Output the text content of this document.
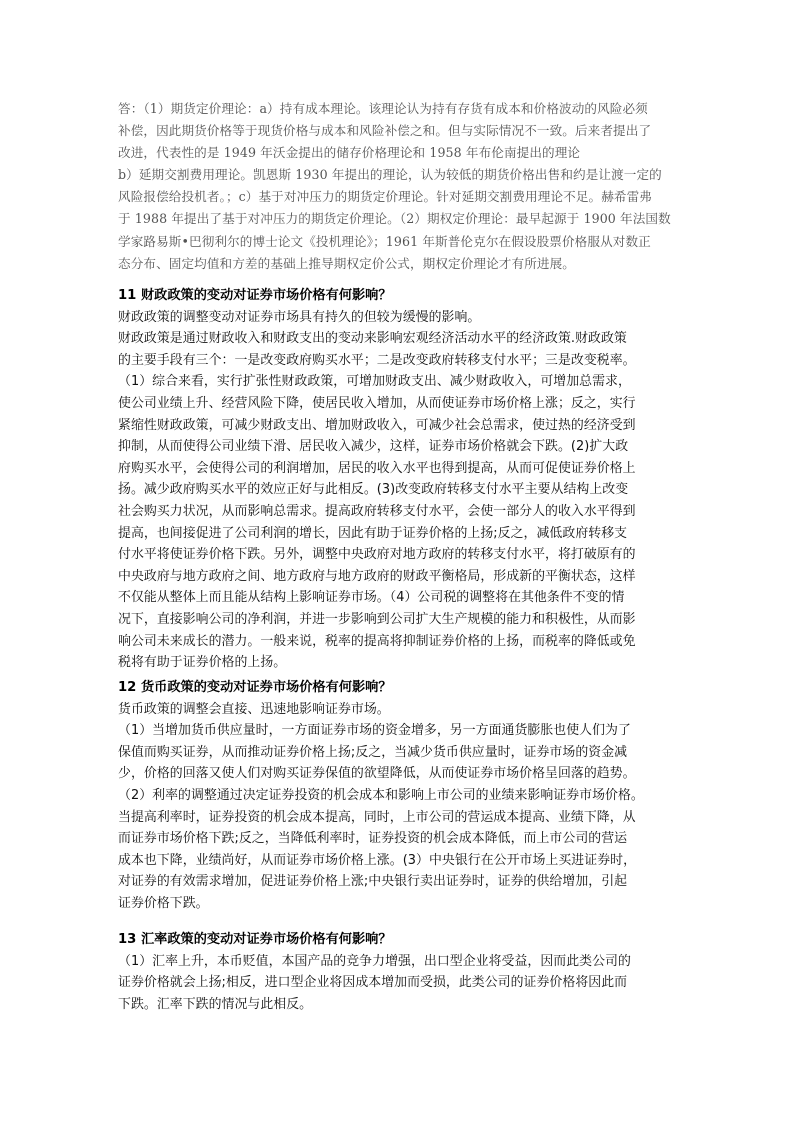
答：（1）期货定价理论：a）持有成本理论。该理论认为持有存货有成本和价格波动的风险必须

补偿，因此期货价格等于现货价格与成本和风险补偿之和。但与实际情况不一致。后来者提出了

改进，代表性的是 1949 年沃金提出的储存价格理论和 1958 年布伦南提出的理论

b）延期交割费用理论。凯恩斯 1930 年提出的理论，认为较低的期货价格出售和约是让渡一定的

风险报偿给投机者。；c）基于对冲压力的期货定价理论。针对延期交割费用理论不足。赫希雷弗

于 1988 年提出了基于对冲压力的期货定价理论。（2）期权定价理论：最早起源于 1900 年法国数

学家路易斯•巴彻利尔的博士论文《投机理论》；1961 年斯普伦克尔在假设股票价格服从对数正

态分布、固定均值和方差的基础上推导期权定价公式，期权定价理论才有所进展。

11 财政政策的变动对证券市场价格有何影响？

财政政策的调整变动对证券市场具有持久的但较为缓慢的影响。

财政政策是通过财政收入和财政支出的变动来影响宏观经济活动水平的经济政策.财政政策

的主要手段有三个：一是改变政府购买水平；二是改变政府转移支付水平；三是改变税率。

（1）综合来看，实行扩张性财政政策，可增加财政支出、减少财政收入，可增加总需求，

使公司业绩上升、经营风险下降，使居民收入增加，从而使证券市场价格上涨；反之，实行

紧缩性财政政策，可减少财政支出、增加财政收入，可减少社会总需求，使过热的经济受到

抑制，从而使得公司业绩下滑、居民收入减少，这样，证券市场价格就会下跌。(2)扩大政

府购买水平，会使得公司的利润增加，居民的收入水平也得到提高，从而可促使证券价格上

扬。减少政府购买水平的效应正好与此相反。(3)改变政府转移支付水平主要从结构上改变

社会购买力状况，从而影响总需求。提高政府转移支付水平，会使一部分人的收入水平得到

提高，也间接促进了公司利润的增长，因此有助于证券价格的上扬;反之，减低政府转移支

付水平将使证券价格下跌。另外，调整中央政府对地方政府的转移支付水平，将打破原有的

中央政府与地方政府之间、地方政府与地方政府的财政平衡格局，形成新的平衡状态，这样

不仅能从整体上而且能从结构上影响证券市场。（4）公司税的调整将在其他条件不变的情

况下，直接影响公司的净利润，并进一步影响到公司扩大生产规模的能力和积极性，从而影

响公司未来成长的潜力。一般来说，税率的提高将抑制证券价格的上扬，而税率的降低或免

税将有助于证券价格的上扬。

12 货币政策的变动对证券市场价格有何影响？

货币政策的调整会直接、迅速地影响证券市场。

（1）当增加货币供应量时，一方面证券市场的资金增多，另一方面通货膨胀也使人们为了

保值而购买证券，从而推动证券价格上扬;反之，当减少货币供应量时，证券市场的资金减

少，价格的回落又使人们对购买证券保值的欲望降低，从而使证券市场价格呈回落的趋势。

（2）利率的调整通过决定证券投资的机会成本和影响上市公司的业绩来影响证券市场价格。

当提高利率时，证券投资的机会成本提高，同时，上市公司的营运成本提高、业绩下降，从

而证券市场价格下跌;反之，当降低利率时，证券投资的机会成本降低，而上市公司的营运

成本也下降，业绩尚好，从而证券市场价格上涨。(3）中央银行在公开市场上买进证券时，

对证券的有效需求增加，促进证券价格上涨;中央银行卖出证券时，证券的供给增加，引起

证券价格下跌。

13 汇率政策的变动对证券市场价格有何影响？

（1）汇率上升，本币贬值，本国产品的竞争力增强，出口型企业将受益，因而此类公司的

证券价格就会上扬;相反，进口型企业将因成本增加而受损，此类公司的证券价格将因此而

下跌。汇率下跌的情况与此相反。
